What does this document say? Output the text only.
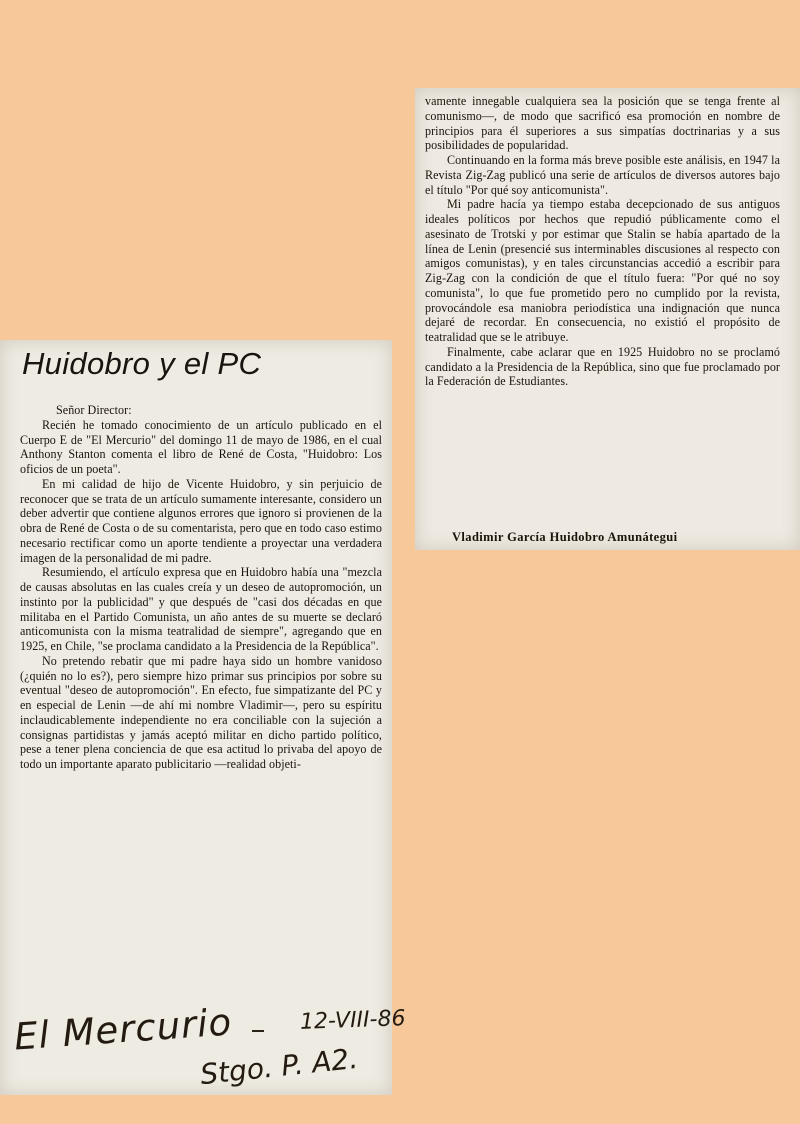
vamente innegable cualquiera sea la posición que se tenga frente al comunismo—, de modo que sacrificó esa promoción en nombre de principios para él superiores a sus simpatías doctrinarias y a sus posibilidades de popularidad.

Continuando en la forma más breve posible este análisis, en 1947 la Revista Zig-Zag publicó una serie de artículos de diversos autores bajo el título "Por qué soy anticomunista".

Mi padre hacía ya tiempo estaba decepcionado de sus antiguos ideales políticos por hechos que repudió públicamente como el asesinato de Trotski y por estimar que Stalin se había apartado de la línea de Lenin (presencié sus interminables discusiones al respecto con amigos comunistas), y en tales circunstancias accedió a escribir para Zig-Zag con la condición de que el título fuera: "Por qué no soy comunista", lo que fue prometido pero no cumplido por la revista, provocándole esa maniobra periodística una indignación que nunca dejaré de recordar. En consecuencia, no existió el propósito de teatralidad que se le atribuye.

Finalmente, cabe aclarar que en 1925 Huidobro no se proclamó candidato a la Presidencia de la República, sino que fue proclamado por la Federación de Estudiantes.

Vladimir García Huidobro Amunátegui
Huidobro y el PC

Señor Director:

Recién he tomado conocimiento de un artículo publicado en el Cuerpo E de "El Mercurio" del domingo 11 de mayo de 1986, en el cual Anthony Stanton comenta el libro de René de Costa, "Huidobro: Los oficios de un poeta".

En mi calidad de hijo de Vicente Huidobro, y sin perjuicio de reconocer que se trata de un artículo sumamente interesante, considero un deber advertir que contiene algunos errores que ignoro si provienen de la obra de René de Costa o de su comentarista, pero que en todo caso estimo necesario rectificar como un aporte tendiente a proyectar una verdadera imagen de la personalidad de mi padre.

Resumiendo, el artículo expresa que en Huidobro había una "mezcla de causas absolutas en las cuales creía y un deseo de autopromoción, un instinto por la publicidad" y que después de "casi dos décadas en que militaba en el Partido Comunista, un año antes de su muerte se declaró anticomunista con la misma teatralidad de siempre", agregando que en 1925, en Chile, "se proclama candidato a la Presidencia de la República".

No pretendo rebatir que mi padre haya sido un hombre vanidoso (¿quién no lo es?), pero siempre hizo primar sus principios por sobre su eventual "deseo de autopromoción". En efecto, fue simpatizante del PC y en especial de Lenin —de ahí mi nombre Vladimir—, pero su espíritu inclaudicablemente independiente no era conciliable con la sujeción a consignas partidistas y jamás aceptó militar en dicho partido político, pese a tener plena conciencia de que esa actitud lo privaba del apoyo de todo un importante aparato publicitario —realidad objeti-

El Mercurio	12-VIII-86
Stgo. P. A2.
